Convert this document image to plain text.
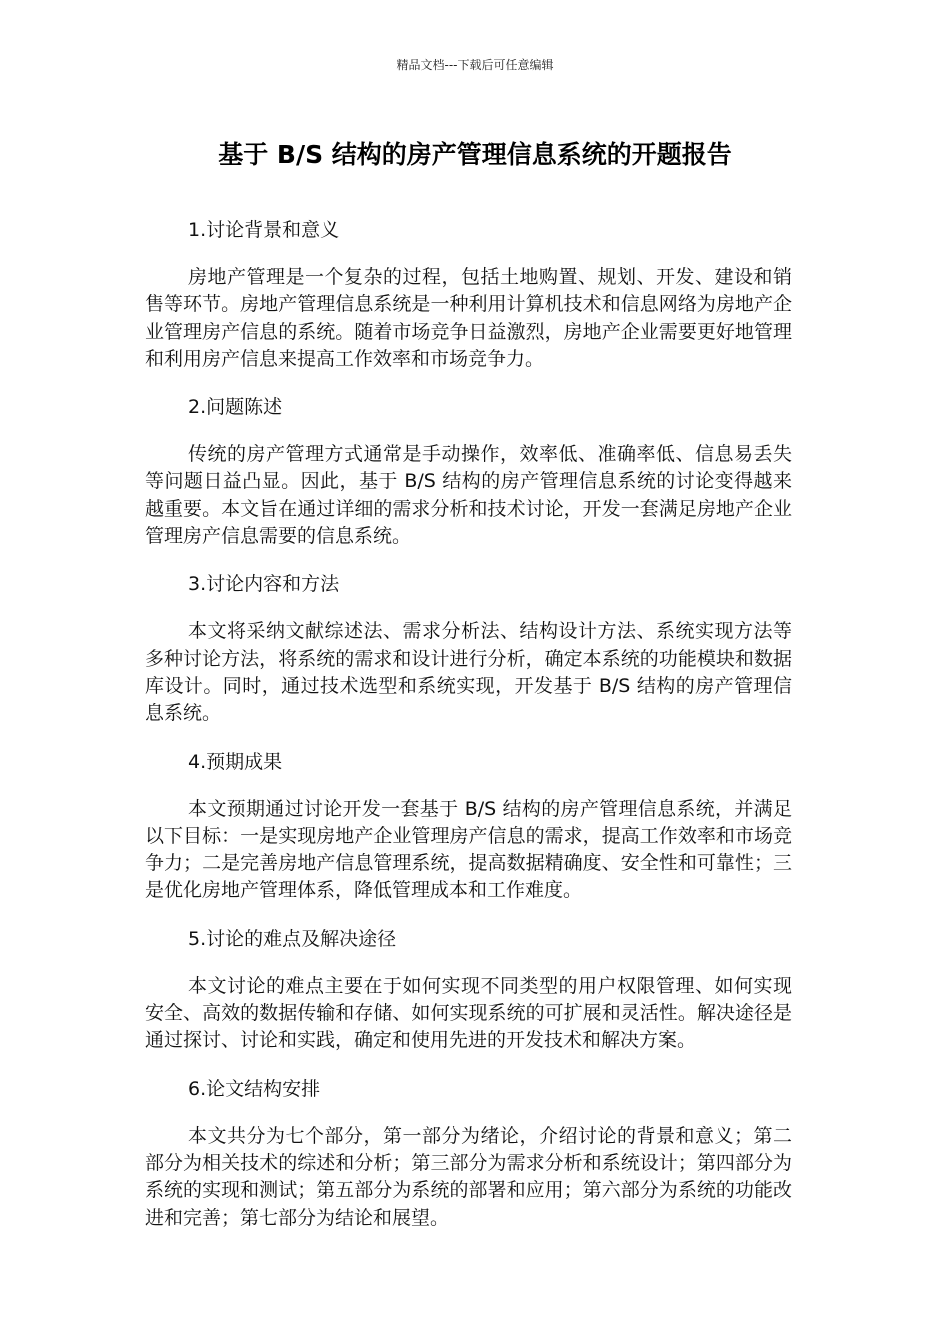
精品文档---下载后可任意编辑
基于 B/S 结构的房产管理信息系统的开题报告

1.讨论背景和意义

房地产管理是一个复杂的过程，包括土地购置、规划、开发、建设和销售等环节。房地产管理信息系统是一种利用计算机技术和信息网络为房地产企业管理房产信息的系统。随着市场竞争日益激烈，房地产企业需要更好地管理和利用房产信息来提高工作效率和市场竞争力。

2.问题陈述

传统的房产管理方式通常是手动操作，效率低、准确率低、信息易丢失等问题日益凸显。因此，基于 B/S 结构的房产管理信息系统的讨论变得越来越重要。本文旨在通过详细的需求分析和技术讨论，开发一套满足房地产企业管理房产信息需要的信息系统。

3.讨论内容和方法

本文将采纳文献综述法、需求分析法、结构设计方法、系统实现方法等多种讨论方法，将系统的需求和设计进行分析，确定本系统的功能模块和数据库设计。同时，通过技术选型和系统实现，开发基于 B/S 结构的房产管理信息系统。

4.预期成果

本文预期通过讨论开发一套基于 B/S 结构的房产管理信息系统，并满足以下目标：一是实现房地产企业管理房产信息的需求，提高工作效率和市场竞争力；二是完善房地产信息管理系统，提高数据精确度、安全性和可靠性；三是优化房地产管理体系，降低管理成本和工作难度。

5.讨论的难点及解决途径

本文讨论的难点主要在于如何实现不同类型的用户权限管理、如何实现安全、高效的数据传输和存储、如何实现系统的可扩展和灵活性。解决途径是通过探讨、讨论和实践，确定和使用先进的开发技术和解决方案。

6.论文结构安排

本文共分为七个部分，第一部分为绪论，介绍讨论的背景和意义；第二部分为相关技术的综述和分析；第三部分为需求分析和系统设计；第四部分为系统的实现和测试；第五部分为系统的部署和应用；第六部分为系统的功能改进和完善；第七部分为结论和展望。
